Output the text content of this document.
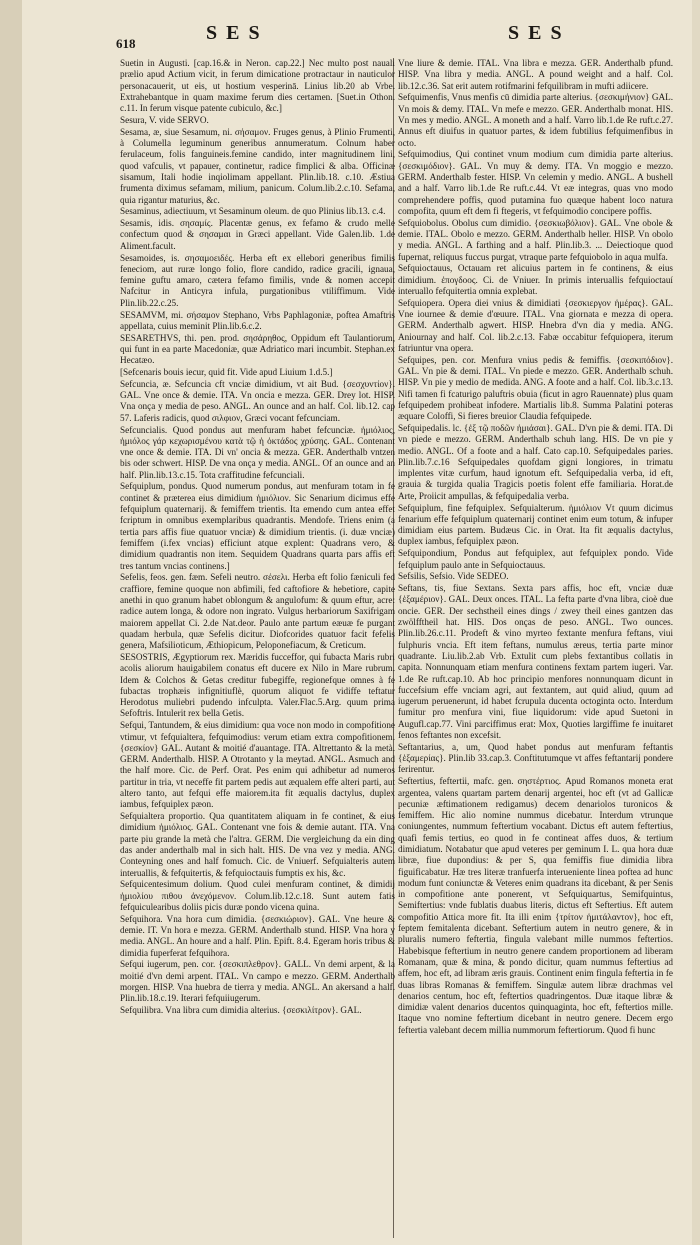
618	SES	SES

Suetin in Augusti. [cap.16.& in Neron. cap.22.] Nec multo post nauali prælio apud Actium vicit, in ferum dimicatione protractaur in nauticulor personacauerit, ut eis, ut hostium vesperinā. Linius lib.20 ab Vrbe. Extrahebantque in quam maxime ferum dies certamen. [Suet.in Othon. c.11. In ferum visque patente cubiculo, &c.]

Sesura, V. vide SERVO.

Sesama, æ, siue Sesamum, ni. σήσαμον. Fruges genus, à Plinio Frumenti, à Columella leguminum generibus annumeratum. Colnum haber ferulaceum, folis fanguineis.femine candido, inter magnitudinem lini, quod vafculis, vt papauer, continetur, radice fimplici & alba. Officinæ sisamum, Itali hodie inqiolimam appellant. Plin.lib.18. c.10. Æstiua frumenta diximus sefamam, milium, panicum. Colum.lib.2.c.10. Sefama, quia rigantur maturius, &c.

Sesaminus, adiectiuum, vt Sesaminum oleum. de quo Plinius lib.13. c.4.

Sesamis, idis. σησαμίς. Placentæ genus, ex fefamo & crudo melle confectum quod & σησαμαι in Græci appellant. Vide Galen.lib. 1.de Aliment.facult.

Sesamoides, is. σησαμοειδές. Herba eft ex ellebori generibus fimilis feneciom, aut ruræ longo folio, flore candido, radice gracili, ignaua, femine guftu amaro, cætera fefamo fimilis, vnde & nomen accepit Nafcitur in Anticyra infula, purgationibus vtiliffimum. Vide Plin.lib.22.c.25.

SESAMVM, mi. σήσαμον Stephano, Vrbs Paphlagoniæ, poftea Amaftris appellata, cuius meminit Plin.lib.6.c.2.

SESARETHVS, thi. pen. prod. σησάρηθος, Oppidum eft Taulantiorum, qui funt in ea parte Macedoniæ, quæ Adriatico mari incumbit. Stephan.ex Hecatæo.

[Sefcenaris bouis iecur, quid fit. Vide apud Liuium 1.d.5.]

Sefcuncia, æ. Sefcuncia cft vnciæ dimidium, vt ait Bud. {σεσχυντίον}. GAL. Vne once & demie. ITA. Vn oncia e mezza. GER. Drey lot. HISP. Vna onça y media de peso. ANGL. An ounce and an half. Col. lib.12. cap 57. Laferis radicis, quod σιλφιον, Græci vocant fefcunciam.

Sefcuncialis. Quod pondus aut menfuram habet fefcunciæ. ἡμιόλιος, ἡμιόλος γάρ κεχωρισμένου κατὰ τῷ ἡ ὀκτάδος χρύσης. GAL. Contenant vne once & demie. ITA. Di vn' oncia & mezza. GER. Anderthalb vntzen bis oder schwert. HISP. De vna onça y media. ANGL. Of an ounce and an half. Plin.lib.13.c.15. Tota craffitudine fefcunciali.

Sefquiplum, pondus. Quod numerum pondus, aut menfuram totam in fe continet & præterea eius dimidium ἡμιόλιον. Sic Senarium dicimus effe fefquiplum quaternarij. & femiffem trientis. Ita emendo cum antea effet fcriptum in omnibus exemplaribus quadrantis. Mendofe. Triens enim (a tertia pars affis fiue quatuor vnciæ) & dimidium trientis. (i. duæ vnciæ) femiffem (i.fex vncias) efficiunt atque explent: Quadrans vero, & dimidium quadrantis non item. Sequidem Quadrans quarta pars affis eft tres tantum vncias continens.]

Sefelis, feos. gen. fæm. Sefeli neutro. σέσελι. Herba eft folio fæniculi fed craffiore, femine quoque non abfimili, fed caftofiore & hebetiore, capite anethi in quo granum habet oblongum & angulofum: & quum eftur, acre: radice autem longa, & odore non ingrato. Vulgus herbariorum Saxifrigam maiorem appellat Ci. 2.de Nat.deor. Paulo ante partum eæuæ fe purgant quadam herbula, quæ Sefelis dicitur. Diofcorides quatuor facit fefelis genera, Mafsilioticum, Æthiopicum, Peloponefiacum, & Creticum.

SESOSTRIS, Ægyptiorum rex. Mæridis fucceffor, qui fubacta Maris rubri acolis aliorum hauigabilem conatus eft ducere ex Nilo in Mare rubrum. Idem & Colchos & Getas creditur fubegiffe, regionefque omnes à fe fubactas trophæis infignitiuflè, quorum aliquot fe vidiffe teftatur Herodotus muliebri pudendo infculpta. Valer.Flac.5.Arg. quum prima Sefoftris. Intulerit rex bella Getis.

Sefqui, Tantundem, & eius dimidium: qua voce non modo in compofitione vtimur, vt fefquialtera, fefquimodius: verum etiam extra compofitionem. {σεσκίον} GAL. Autant & moitié d'auantage. ITA. Altrettanto & la metà. GERM. Anderthalb. HISP. A Otrotanto y la meytad. ANGL. Asmuch and the half more. Cic. de Perf. Orat. Pes enim qui adhibetur ad numeros partitur in tria, vt neceffe fit partem pedis aut æqualem effe alteri parti, aut altero tanto, aut fefqui effe maiorem.ita fit æqualis dactylus, duplex iambus, fefquiplex pæon.

Sefquialtera proportio. Qua quantitatem aliquam in fe continet, & eius dimidium ἡμιόλιος. GAL. Contenant vne fois & demie autant. ITA. Vna parte piu grande la metà che l'altra. GERM. Die vergleichung da ein ding das ander anderthalb mal in sich halt. HIS. De vna vez y media. ANG. Conteyning ones and half fomuch. Cic. de Vniuerf. Sefquialteris autem interuallis, & fefquitertis, & fefquioctauis fumptis ex his, &c.

Sefquicentesimum dolium. Quod culei menfuram continet, & dimidij ἡμιολίου πιθου ἀνεχόμενον. Colum.lib.12.c.18. Sunt autem fatis fefquiculearibus doliis picis duræ pondo vicena quina.

Sefquihora. Vna hora cum dimidia. {σεσκιώριον}. GAL. Vne heure & demie. IT. Vn hora e mezza. GERM. Anderthalb stund. HISP. Vna hora y media. ANGL. An houre and a half. Plin. Epift. 8.4. Egeram horis tribus & dimidia fuperferat fefquihora.

Sefqui iugerum, pen. cor. {σεσκιπλεθρον}. GALL. Vn demi arpent, & la moitié d'vn demi arpent. ITAL. Vn campo e mezzo. GERM. Anderthalb morgen. HISP. Vna huebra de tierra y media. ANGL. An akersand a half. Plin.lib.18.c.19. Iterari fefquiiugerum.

Sefquilibra. Vna libra cum dimidia alterius. {σεσκιλίτρον}. GAL.

Vne liure & demie. ITAL. Vna libra e mezza. GER. Anderthalb pfund. HISP. Vna libra y media. ANGL. A pound weight and a half. Col. lib.12.c.36. Sat erit autem rotifmarini fefquilibram in mufti adiicere.

Sefquimenfis, Vnus menfis cū dimidia parte alterius. {σεσκιμήνιον} GAL. Vn mois & demy. ITAL. Vn mefe e mezzo. GER. Anderthalb monat. HIS. Vn mes y medio. ANGL. A moneth and a half. Varro lib.1.de Re ruft.c.27. Annus eft diuifus in quatuor partes, & idem fubtilius fefquimenfibus in octo.

Sefquimodius, Qui continet vnum modium cum dimidia parte alterius. {σεσκιμόδιον}. GAL. Vn muy & demy. ITA. Vn moggio e mezzo. GERM. Anderthalb fester. HISP. Vn celemin y medio. ANGL. A bushell and a half. Varro lib.1.de Re ruft.c.44. Vt eæ integras, quas vno modo comprehendere poffis, quod putamina fuo quæque habent loco natura compofita, quum eft dem fi ftegeris, vt fefquimodio concipere poffis.

Sefquiobolus. Obolus cum dimidio. {σεσκιωβόλιον}. GAL. Vne obole & demie. ITAL. Obolo e mezzo. GERM. Anderthalb heller. HISP. Vn obolo y media. ANGL. A farthing and a half. Plin.lib.3. ... Deiectioque quod fupernat, reliquus fuccus purgat, vtraque parte fefquiobolo in aqua mulfa.

Sefquioctauus, Octauam ret alicuius partem in fe continens, & eius dimidium. ἐπογδοος. Ci. de Vniuer. In primis interuallis fefquioctauí interuallo fefquitertia omnia explebat.

Sefquiopera. Opera diei vnius & dimidiati {σεσκιεργον ἡμέρας}. GAL. Vne iournee & demie d'œuure. ITAL. Vna giornata e mezza di opera. GERM. Anderthalb agwert. HISP. Hnebra d'vn dia y media. ANG. Aniournay and half. Col. lib.2.c.13. Fabæ occabitur fefquiopera, iterum fatriuntur vna opera.

Sefquipes, pen. cor. Menfura vnius pedis & femiffis. {σεσκιπόδιον}. GAL. Vn pie & demi. ITAL. Vn piede e mezzo. GER. Anderthalb schuh. HISP. Vn pie y medio de medida. ANG. A foote and a half. Col. lib.3.c.13. Nifi tamen fi fcaturigo paluftris obuia (ficut in agro Rauennate) plus quam fefquipedem prohibeat infodere. Martialis lib.8. Summa Palatini poteras æquare Coloffi, Si fieres breuior Claudia fefquipede.

Sefquipedalis. lc. {ἐξ τῷ ποδῶν ἡμιάσαι}. GAL. D'vn pie & demi. ITA. Di vn piede e mezzo. GERM. Anderthalb schuh lang. HIS. De vn pie y medio. ANGL. Of a foote and a half. Cato cap.10. Sefquipedales paries. Plin.lib.7.c.16 Sefquipedales quofdam gigni longiores, in trimatu implentes vitæ curfum, haud ignotum eft. Sefquipedalia verba, id eft, grauia & turgida qualia Tragicis poetis folent effe familiaria. Horat.de Arte, Proiicit ampullas, & fefquipedalia verba.

Sefquiplum, fine fefquiplex. Sefquialterum. ἡμιόλιον Vt quum dicimus fenarium effe fefquiplum quaternarij continet enim eum totum, & infuper dimidiam eius partem. Budæus Cic. in Orat. Ita fit æqualis dactylus, duplex iambus, fefquiplex pæon.

Sefquipondium, Pondus aut fefquiplex, aut fefquiplex pondo. Vide fefquiplum paulo ante in Sefquioctauus.

Sefsilis, Sefsio. Vide SEDEO.

Seftans, tis, fiue Sextans. Sexta pars affis, hoc eft, vnciæ duæ {ἑξαμέριον}. GAL. Deux onces. ITAL. La fefta parte d'vna libra, cioè due oncie. GER. Der sechstheil eines dings / zwey theil eines gantzen das zwölfftheil hat. HIS. Dos onças de peso. ANGL. Two ounces. Plin.lib.26.c.11. Prodeft & vino myrteo fextante menfura feftans, viui fulphuris vncia. Eft item feftans, numulus æreus, tertia parte minor quadrante. Liu.lib.2.ab Vrb. Extulit cum plebs fextantibus collatis in capita. Nonnunquam etiam menfura continens fextam partem iugeri. Var. 1.de Re ruft.cap.10. Ab hoc principio menfores nonnunquam dicunt in fuccefsium effe vnciam agri, aut fextantem, aut quid aliud, quum ad iugerum peruenerunt, id habet fcrupula ducenta octoginta octo. Interdum fumitur pro menfura vini, fiue liquidorum: vide apud Suetoni in Augufl.cap.77. Vini parciffimus erat: Mox, Quoties largiffime fe inuitaret fenos feftantes non excefsit.

Seftantarius, a, um, Quod habet pondus aut menfuram feftantis {ἑξαμερίας}. Plin.lib 33.cap.3. Conftitutumque vt affes feftantarij pondere ferirentur.

Seftertius, feftertii, mafc. gen. σηστέρτιος. Apud Romanos moneta erat argentea, valens quartam partem denarij argentei, hoc eft (vt ad Gallicæ pecuniæ æftimationem redigamus) decem denariolos turonicos & femiffem. Hic alio nomine nummus dicebatur. Interdum vtrunque coniungentes, nummum feftertium vocabant. Dictus eft autem feftertius, quafi femis tertius, eo quod in fe contineat affes duos, & tertium dimidiatum. Notabatur que apud veteres per geminum I. L. qua hora duæ libræ, fiue dupondius: & per S, qua femiffis fiue dimidia libra figuificabatur. Hæ tres literæ tranfuerfa interueniente linea poftea ad hunc modum funt coniunctæ & Veteres enim quadrans ita dicebant, & per Senis in compofitione ante ponerent, vt Sefquiquartus, Semifquintus, Semiftertius: vnde fublatis duabus literis, dictus eft Seftertius. Eft autem compofitio Attica more fit. Ita illi enim {τρίτον ἡμιτάλαντον}, hoc eft, feptem femitalenta dicebant. Seftertium autem in neutro genere, & in pluralis numero feftertia, fingula valebant mille nummos feftertios. Habebisque feftertium in neutro genere candem proportionem ad liberam Romanam, quæ & mina, & pondo dicitur, quam nummus feftertius ad affem, hoc eft, ad libram æris grauis. Continent enim fingula feftertia in fe duas libras Romanas & femiffem. Singulæ autem libræ drachmas vel denarios centum, hoc eft, feftertios quadringentos. Duæ itaque libræ & dimidiæ valent denarios ducentos quinquaginta, hoc eft, feftertios mille. Itaque vno nomine feftertium dicebant in neutro genere. Decem ergo feftertia valebant decem millia nummorum feftertiorum. Quod fi hunc
